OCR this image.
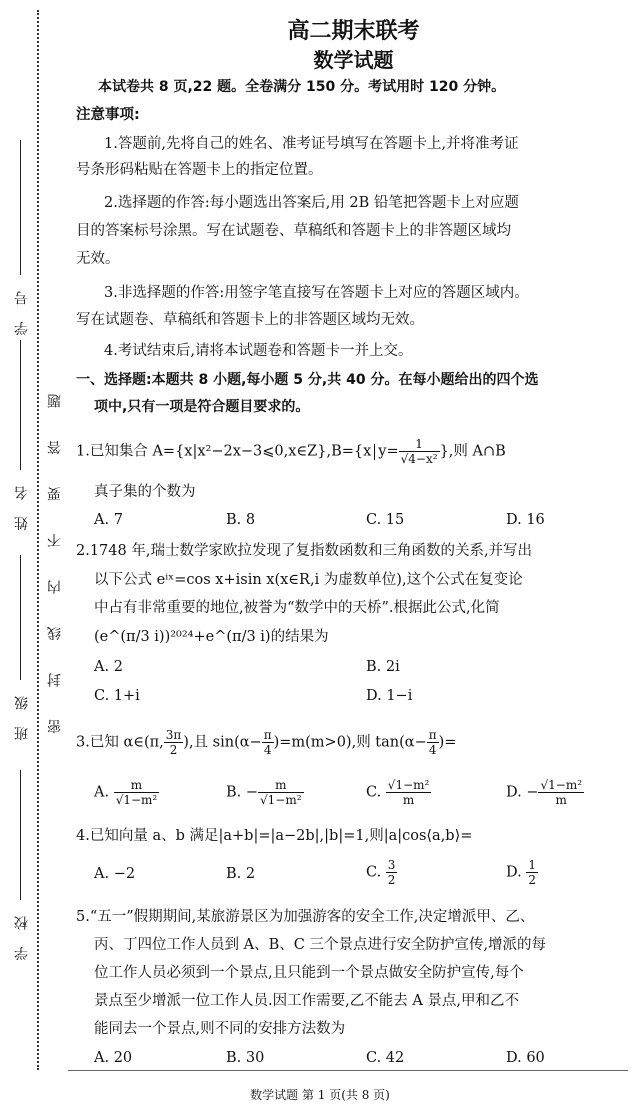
学 号
姓 名
班 级
学 校
密 封 线 内 不 要 答 题
高二期末联考
数学试题
本试卷共 8 页,22 题。全卷满分 150 分。考试用时 120 分钟。
注意事项:
1.答题前,先将自己的姓名、准考证号填写在答题卡上,并将准考证
号条形码粘贴在答题卡上的指定位置。
2.选择题的作答:每小题选出答案后,用 2B 铅笔把答题卡上对应题
目的答案标号涂黑。写在试题卷、草稿纸和答题卡上的非答题区域均
无效。
3.非选择题的作答:用签字笔直接写在答题卡上对应的答题区域内。
写在试题卷、草稿纸和答题卡上的非答题区域均无效。
4.考试结束后,请将本试题卷和答题卡一并上交。
一、选择题:本题共 8 小题,每小题 5 分,共 40 分。在每小题给出的四个选
项中,只有一项是符合题目要求的。
1.已知集合 A={x|x²−2x−3⩽0,x∈Z},B={x $y= \frac{1}{\text{√4−x²}}$ },则 A∩B
真子集的个数为
A. 7	B. 8	C. 15	D. 16
2.1748 年,瑞士数学家欧拉发现了复指数函数和三角函数的关系,并写出
以下公式 eⁱˣ=cos x+isin x(x∈R,i 为虚数单位),这个公式在复变论
中占有非常重要的地位,被誉为“数学中的天桥”.根据此公式,化简
(e^(π/3 i))²⁰²⁴+e^(π/3 i)的结果为
A. 2	B. 2i
C. 1+i	D. 1−i
3.已知 α∈(π, $\frac{3\pi}{2}$ ),且 $\sin(\alpha- \frac{\pi}{4} )=m(m>0)$,则 $\tan(\alpha- \frac{\pi}{4}$ )=
A. $\frac{m}{\text{√1−m²}}$	B. − $\frac{m}{\text{√1−m²}}$	C. $\frac{\text{√1−m²}}{m}$	D. − $\frac{\text{√1−m²}}{m}$
4.已知向量 a、b 满足|a+b|=|a−2b|,|b|=1,则|a|cos⟨a,b⟩=
A. −2	B. 2	C. $\frac{3}{2}$	D. $\frac{1}{2}$
5.“五一”假期期间,某旅游景区为加强游客的安全工作,决定增派甲、乙、
丙、丁四位工作人员到 A、B、C 三个景点进行安全防护宣传,增派的每
位工作人员必须到一个景点,且只能到一个景点做安全防护宣传,每个
景点至少增派一位工作人员.因工作需要,乙不能去 A 景点,甲和乙不
能同去一个景点,则不同的安排方法数为
A. 20	B. 30	C. 42	D. 60
数学试题 第 1 页(共 8 页)
